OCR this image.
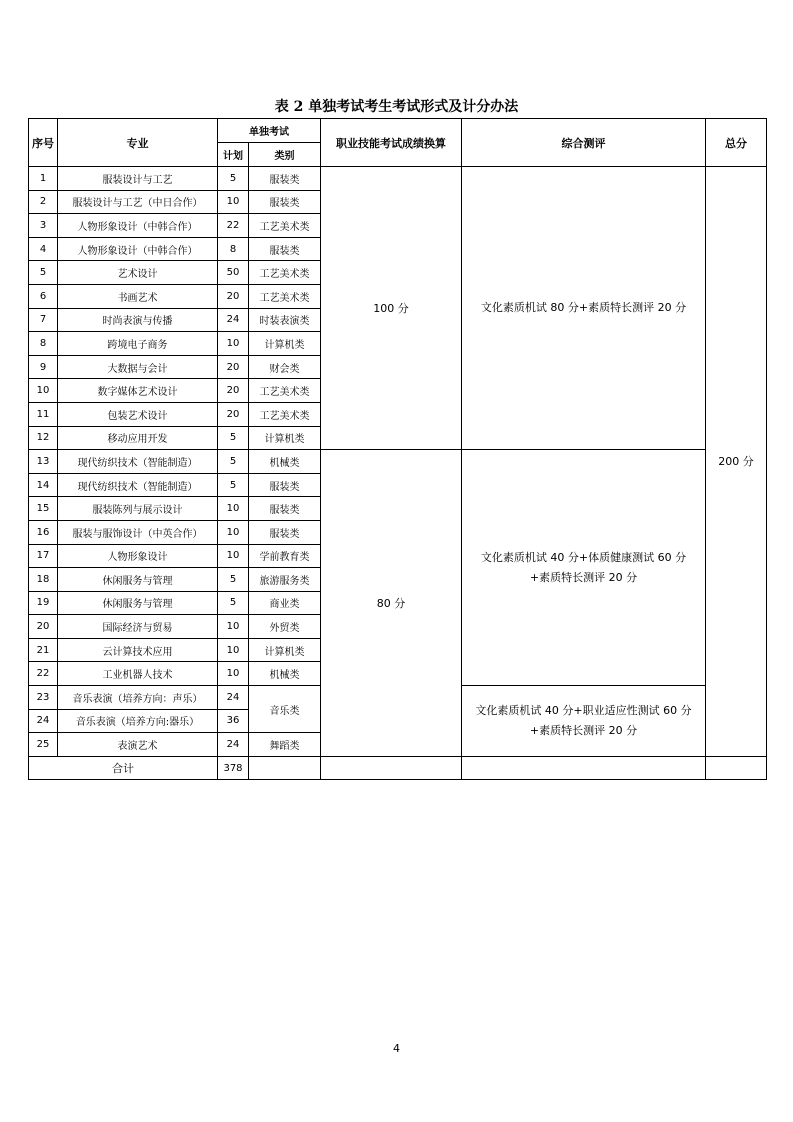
表 2 单独考试考生考试形式及计分办法
序号	专业	单独考试		职业技能考试成绩换算	综合测评	总分
		计划	类别			
1	服装设计与工艺	5	服装类	100 分	文化素质机试 80 分+素质特长测评 20 分	200 分
2	服装设计与工艺（中日合作）	10	服装类			
3	人物形象设计（中韩合作）	22	工艺美术类			
4	人物形象设计（中韩合作）	8	服装类			
5	艺术设计	50	工艺美术类			
6	书画艺术	20	工艺美术类			
7	时尚表演与传播	24	时装表演类			
8	跨境电子商务	10	计算机类			
9	大数据与会计	20	财会类			
10	数字媒体艺术设计	20	工艺美术类			
11	包装艺术设计	20	工艺美术类			
12	移动应用开发	5	计算机类			
13	现代纺织技术（智能制造）	5	机械类	80 分	文化素质机试 40 分+体质健康测试 60 分
+素质特长测评 20 分	
14	现代纺织技术（智能制造）	5	服装类			
15	服装陈列与展示设计	10	服装类			
16	服装与服饰设计（中英合作）	10	服装类			
17	人物形象设计	10	学前教育类			
18	休闲服务与管理	5	旅游服务类			
19	休闲服务与管理	5	商业类			
20	国际经济与贸易	10	外贸类			
21	云计算技术应用	10	计算机类			
22	工业机器人技术	10	机械类			
23	音乐表演（培养方向：声乐）	24	音乐类		文化素质机试 40 分+职业适应性测试 60 分
+素质特长测评 20 分	
24	音乐表演（培养方向:器乐）	36				
25	表演艺术	24	舞蹈类			
合计		378				
4
